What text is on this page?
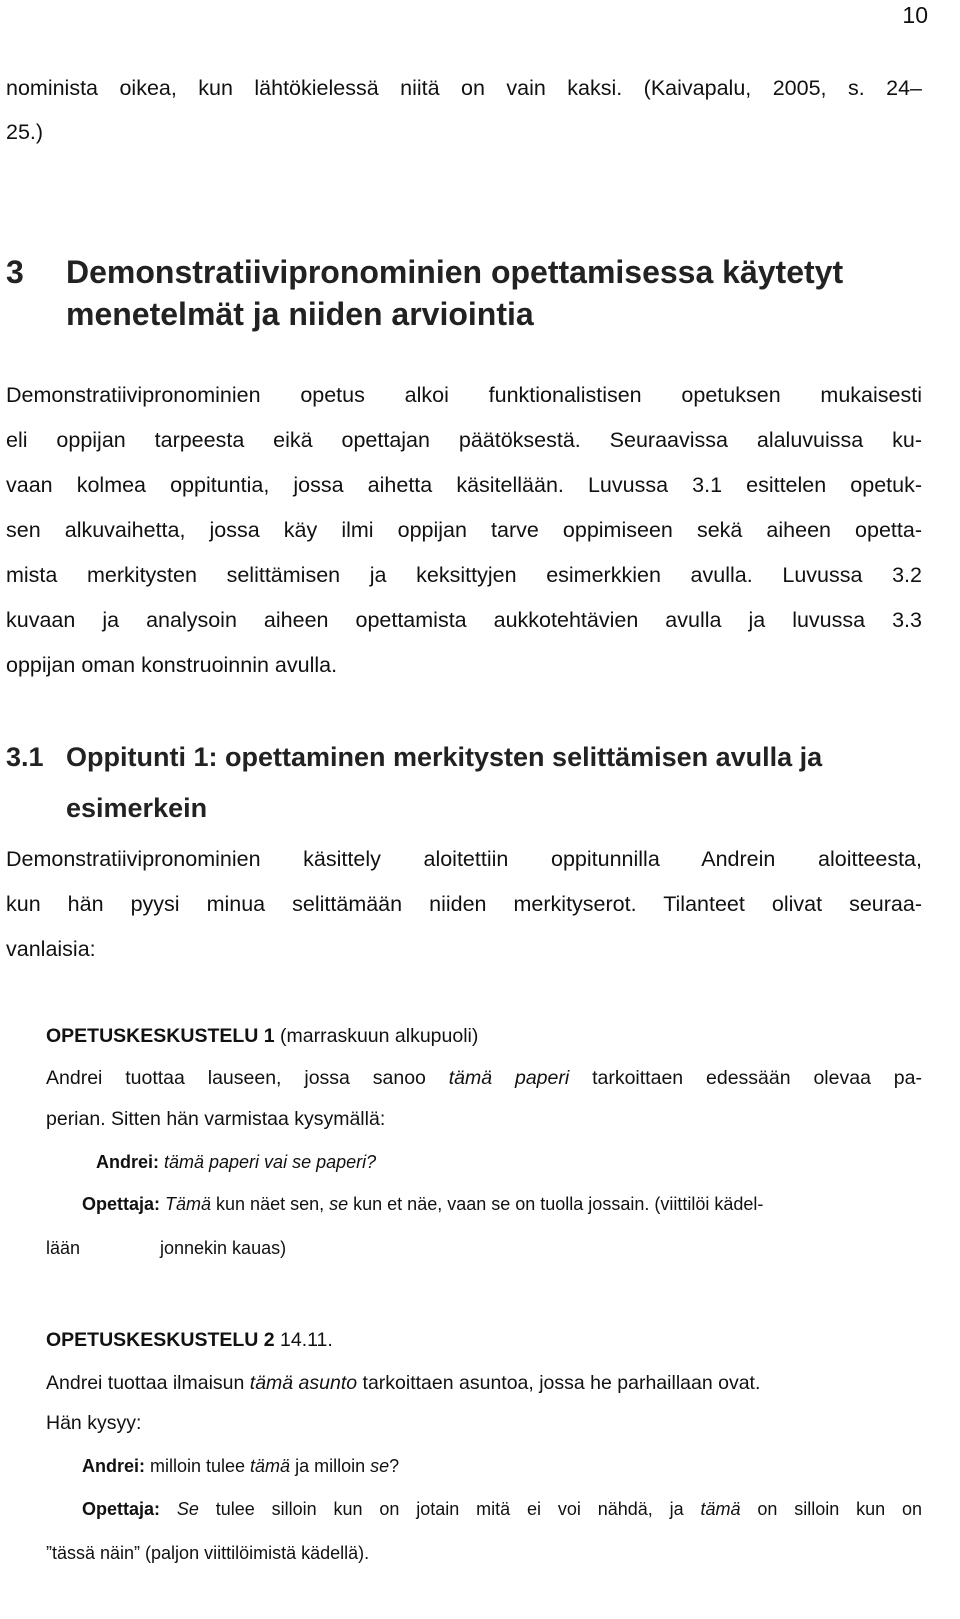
10
nominista oikea, kun lähtökielessä niitä on vain kaksi. (Kaivapalu, 2005, s. 24–
25.)
3 Demonstratiivipronominien opettamisessa käytetyt
menetelmät ja niiden arviointia
Demonstratiivipronominien opetus alkoi funktionalistisen opetuksen mukaisesti
eli oppijan tarpeesta eikä opettajan päätöksestä. Seuraavissa alaluvuissa ku-
vaan kolmea oppituntia, jossa aihetta käsitellään. Luvussa 3.1 esittelen opetuk-
sen alkuvaihetta, jossa käy ilmi oppijan tarve oppimiseen sekä aiheen opetta-
mista merkitysten selittämisen ja keksittyjen esimerkkien avulla. Luvussa 3.2
kuvaan ja analysoin aiheen opettamista aukkotehtävien avulla ja luvussa 3.3
oppijan oman konstruoinnin avulla.
3.1 Oppitunti 1: opettaminen merkitysten selittämisen avulla ja
esimerkein
Demonstratiivipronominien käsittely aloitettiin oppitunnilla Andrein aloitteesta,
kun hän pyysi minua selittämään niiden merkityserot. Tilanteet olivat seuraa-
vanlaisia:
OPETUSKESKUSTELU 1 (marraskuun alkupuoli)
Andrei tuottaa lauseen, jossa sanoo tämä paperi tarkoittaen edessään olevaa pa-
perian. Sitten hän varmistaa kysymällä:
Andrei: tämä paperi vai se paperi?
Opettaja: Tämä kun näet sen, se kun et näe, vaan se on tuolla jossain. (viittilöi kädel-
lään	jonnekin kauas)
OPETUSKESKUSTELU 2 14.11.
Andrei tuottaa ilmaisun tämä asunto tarkoittaen asuntoa, jossa he parhaillaan ovat.
Hän kysyy:
Andrei: milloin tulee tämä ja milloin se?
Opettaja: Se tulee silloin kun on jotain mitä ei voi nähdä, ja tämä on silloin kun on
”tässä näin” (paljon viittilöimistä kädellä).
